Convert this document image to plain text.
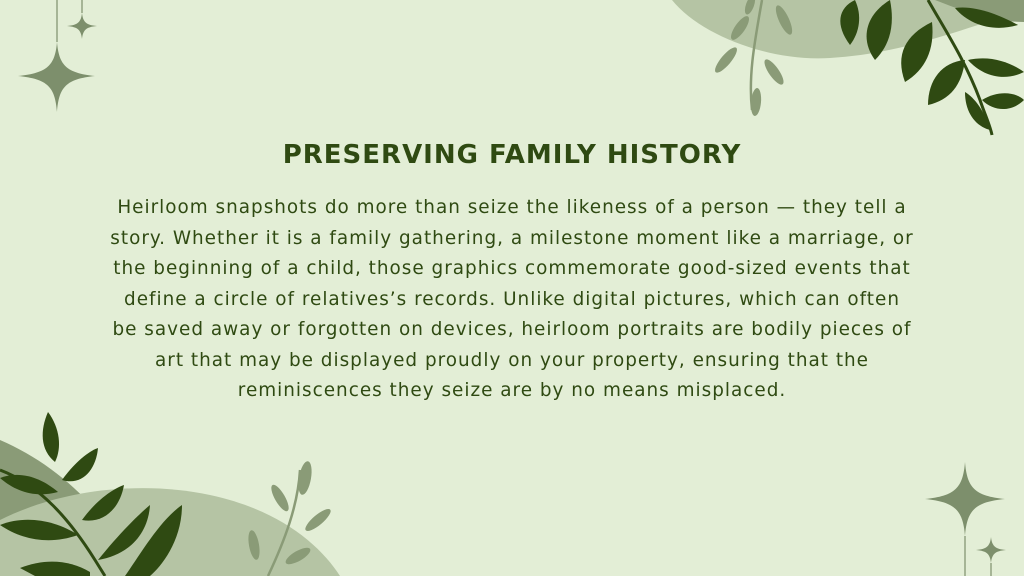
PRESERVING FAMILY HISTORY

Heirloom snapshots do more than seize the likeness of a person — they tell a story. Whether it is a family gathering, a milestone moment like a marriage, or the beginning of a child, those graphics commemorate good-sized events that define a circle of relatives’s records. Unlike digital pictures, which can often be saved away or forgotten on devices, heirloom portraits are bodily pieces of art that may be displayed proudly on your property, ensuring that the reminiscences they seize are by no means misplaced.
